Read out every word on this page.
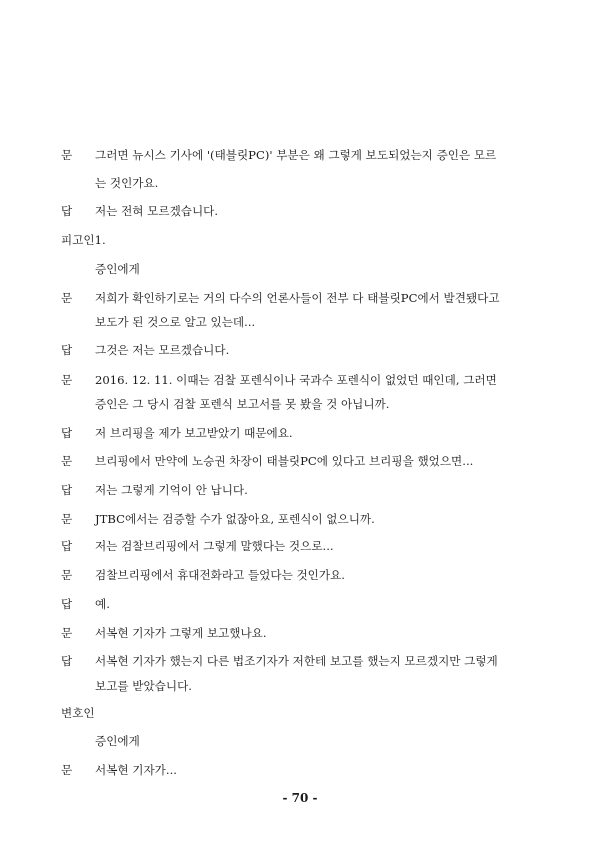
문 그러면 뉴시스 기사에 '(태블릿PC)' 부분은 왜 그렇게 보도되었는지 증인은 모르
는 것인가요.
답 저는 전혀 모르겠습니다.
피고인1.
증인에게
문 저희가 확인하기로는 거의 다수의 언론사들이 전부 다 태블릿PC에서 발견됐다고
보도가 된 것으로 알고 있는데...
답 그것은 저는 모르겠습니다.
문 2016. 12. 11. 이때는 검찰 포렌식이나 국과수 포렌식이 없었던 때인데, 그러면
증인은 그 당시 검찰 포렌식 보고서를 못 봤을 것 아닙니까.
답 저 브리핑을 제가 보고받았기 때문에요.
문 브리핑에서 만약에 노승권 차장이 태블릿PC에 있다고 브리핑을 했었으면...
답 저는 그렇게 기억이 안 납니다.
문 JTBC에서는 검증할 수가 없잖아요, 포렌식이 없으니까.
답 저는 검찰브리핑에서 그렇게 말했다는 것으로...
문 검찰브리핑에서 휴대전화라고 들었다는 것인가요.
답 예.
문 서복현 기자가 그렇게 보고했나요.
답 서복현 기자가 했는지 다른 법조기자가 저한테 보고를 했는지 모르겠지만 그렇게
보고를 받았습니다.
변호인
증인에게
문 서복현 기자가...
- 70 -
